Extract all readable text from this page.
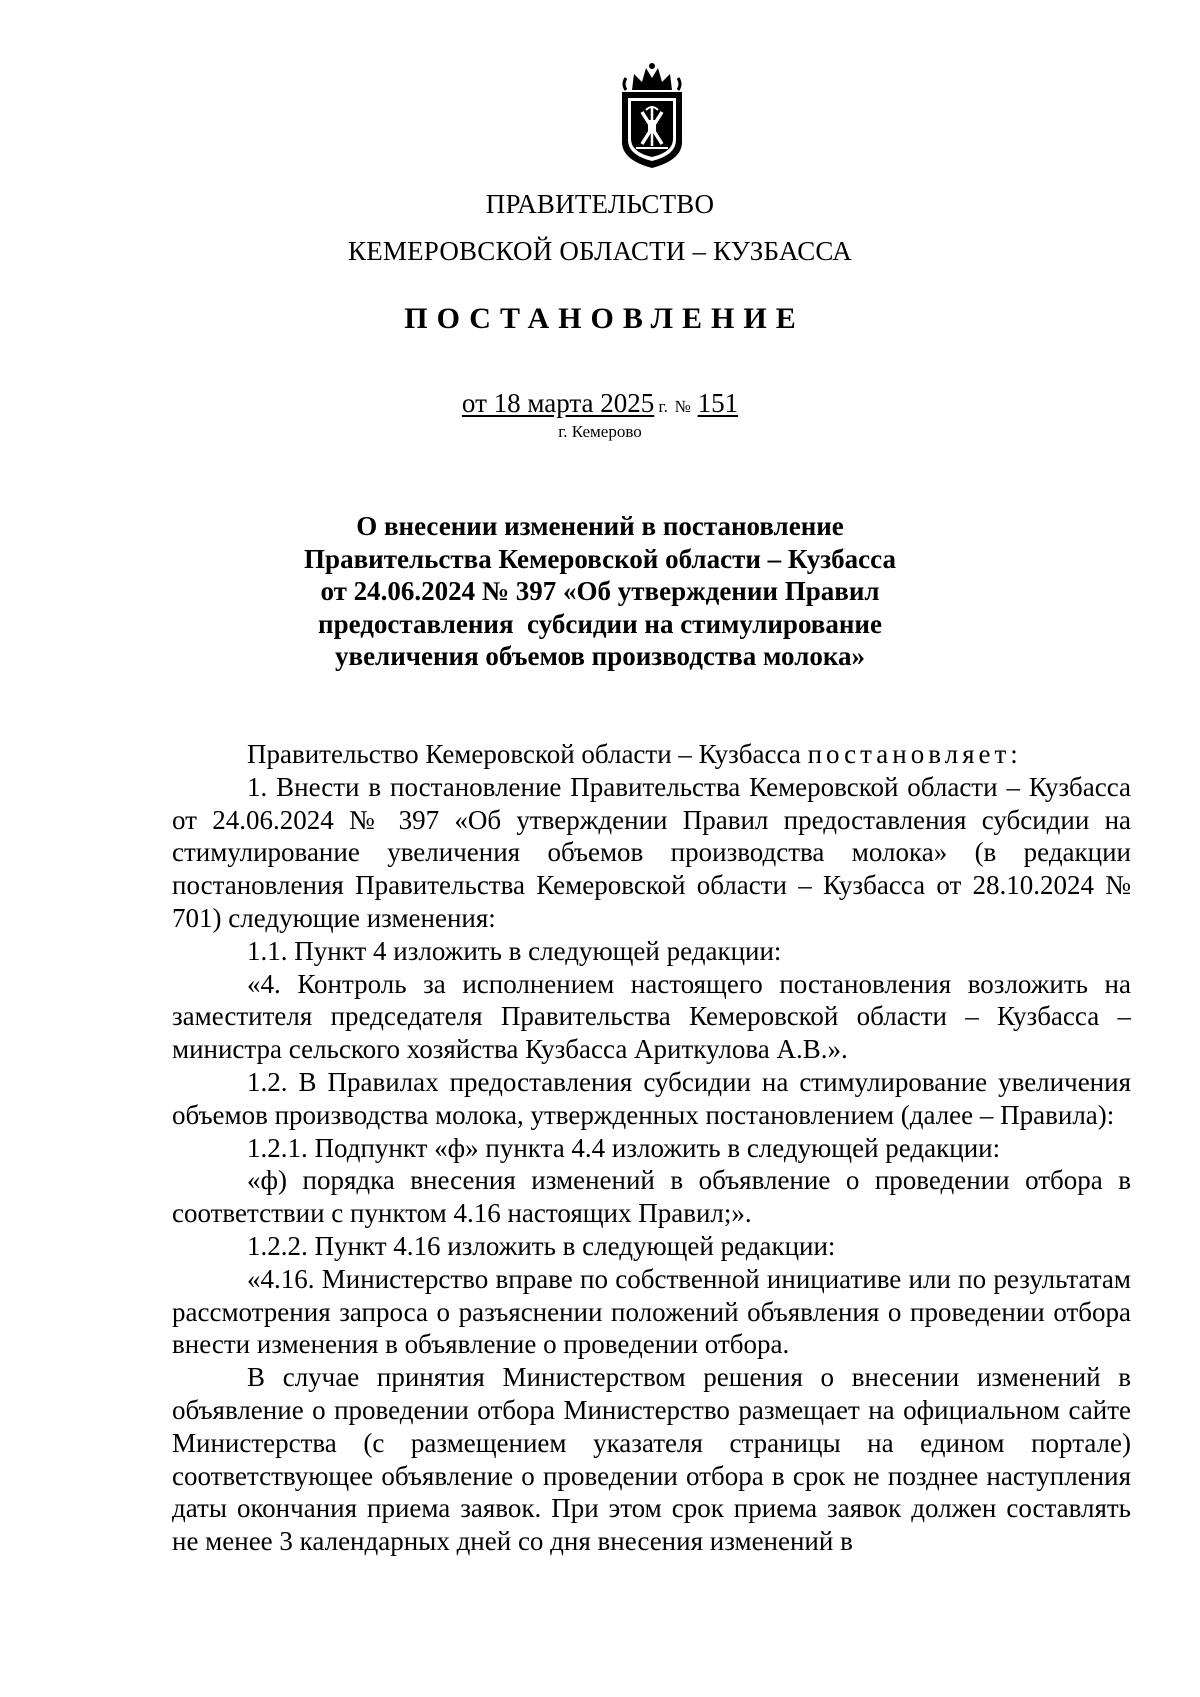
ПРАВИТЕЛЬСТВО
КЕМЕРОВСКОЙ ОБЛАСТИ – КУЗБАССА
ПОСТАНОВЛЕНИЕ
от 18 марта 2025 г. № 151
г. Кемерово
О внесении изменений в постановление
Правительства Кемеровской области – Кузбасса
от 24.06.2024 № 397 «Об утверждении Правил
предоставления  субсидии на стимулирование
увеличения объемов производства молока»

Правительство Кемеровской области – Кузбасса постановляет:

1. Внести в постановление Правительства Кемеровской области – Кузбасса от 24.06.2024 № 397 «Об утверждении Правил предоставления субсидии на стимулирование увеличения объемов производства молока» (в редакции постановления Правительства Кемеровской области – Кузбасса от 28.10.2024 № 701) следующие изменения:

1.1. Пункт 4 изложить в следующей редакции:

«4. Контроль за исполнением настоящего постановления возложить на заместителя председателя Правительства Кемеровской области – Кузбасса – министра сельского хозяйства Кузбасса Ариткулова А.В.».

1.2. В Правилах предоставления субсидии на стимулирование увеличения объемов производства молока, утвержденных постановлением (далее – Правила):

1.2.1. Подпункт «ф» пункта 4.4 изложить в следующей редакции:

«ф) порядка внесения изменений в объявление о проведении отбора в соответствии с пунктом 4.16 настоящих Правил;».

1.2.2. Пункт 4.16 изложить в следующей редакции:

«4.16. Министерство вправе по собственной инициативе или по результатам рассмотрения запроса о разъяснении положений объявления о проведении отбора внести изменения в объявление о проведении отбора.

В случае принятия Министерством решения о внесении изменений в объявление о проведении отбора Министерство размещает на официальном сайте Министерства (с размещением указателя страницы на едином портале) соответствующее объявление о проведении отбора в срок не позднее наступления даты окончания приема заявок. При этом срок приема заявок должен составлять не менее 3 календарных дней со дня внесения изменений в
